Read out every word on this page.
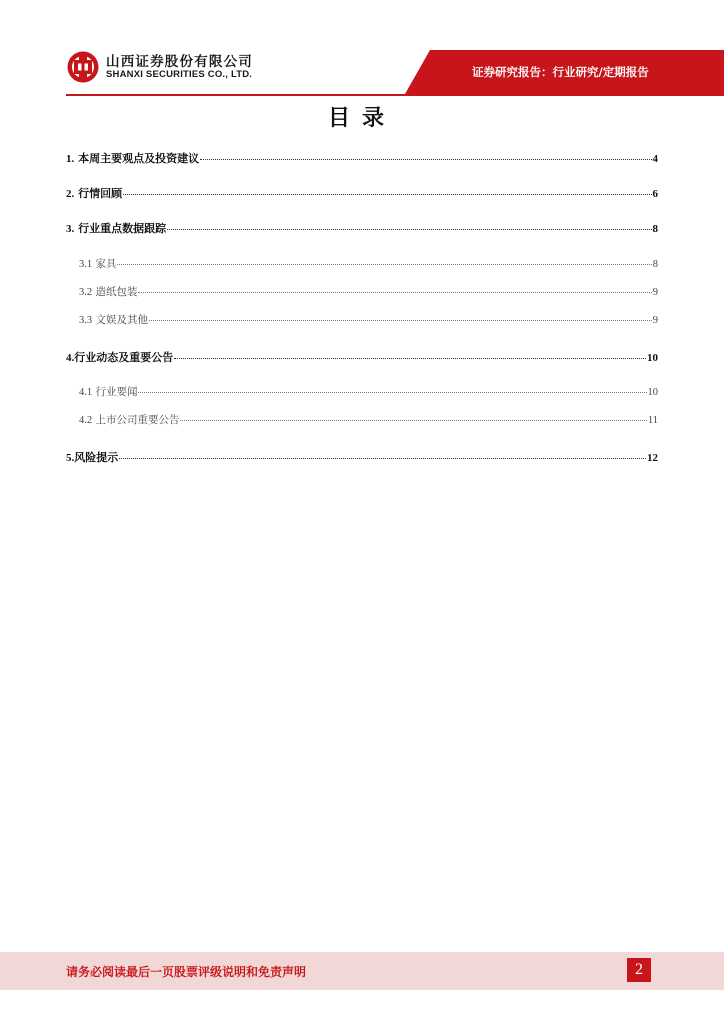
山西证券股份有限公司
SHANXI SECURITIES CO., LTD.	证券研究报告：行业研究/定期报告
目录
1. 本周主要观点及投资建议	4
2. 行情回顾	6
3. 行业重点数据跟踪	8
3.1 家具	8
3.2 造纸包装	9
3.3 文娱及其他	9
4.行业动态及重要公告	10
4.1 行业要闻	10
4.2 上市公司重要公告	11
5.风险提示	12
请务必阅读最后一页股票评级说明和免责声明	2
